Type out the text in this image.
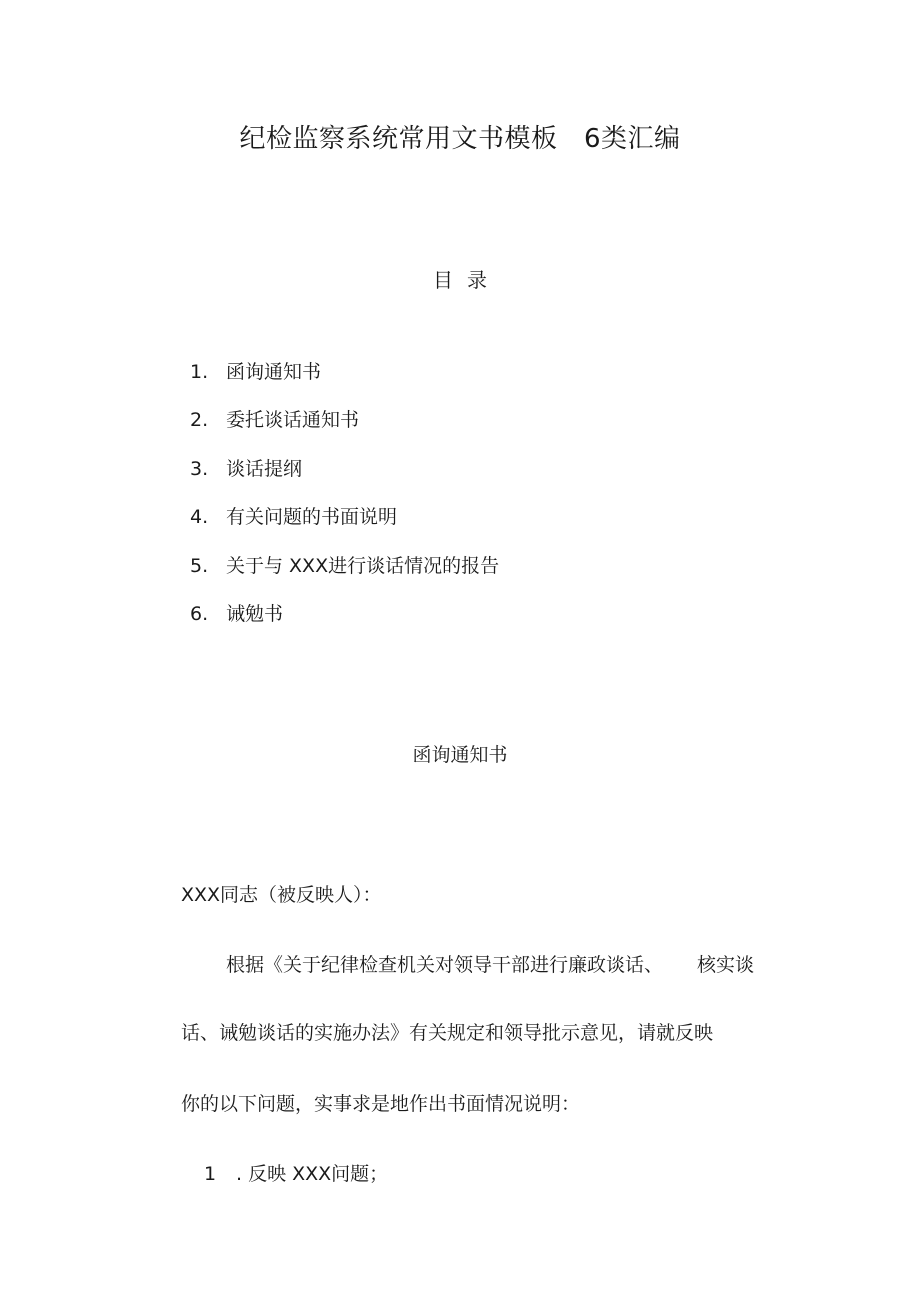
纪检监察系统常用文书模板　6类汇编
目录
1. 函询通知书
2. 委托谈话通知书
3. 谈话提纲
4. 有关问题的书面说明
5. 关于与 XXX进行谈话情况的报告
6. 诫勉书
函询通知书
XXX同志（被反映人）：
根据《关于纪律检查机关对领导干部进行廉政谈话、 核实谈
话、诫勉谈话的实施办法》有关规定和领导批示意见，请就反映
你的以下问题，实事求是地作出书面情况说明：
1 . 反映 XXX问题；
